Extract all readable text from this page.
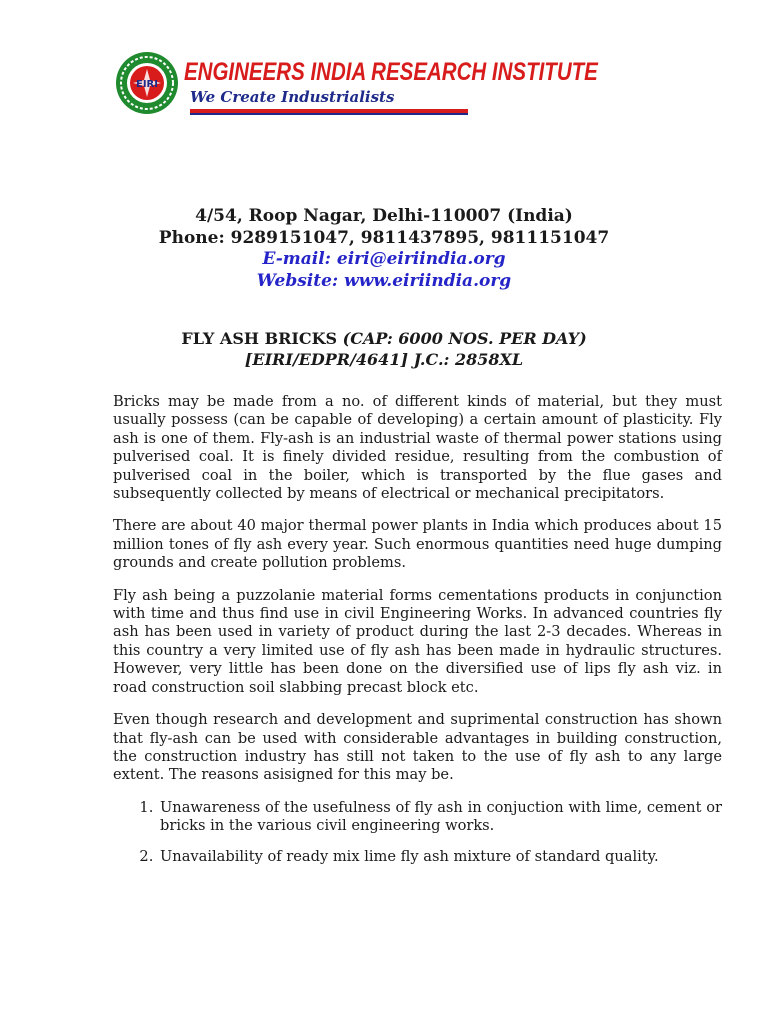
EIRI ENGINEERS INDIA RESEARCH INSTITUTE
We Create Industrialists
4/54, Roop Nagar, Delhi-110007 (India)
Phone: 9289151047, 9811437895, 9811151047
E-mail: eiri@eiriindia.org
Website: www.eiriindia.org
FLY ASH BRICKS (CAP: 6000 NOS. PER DAY)
[EIRI/EDPR/4641] J.C.: 2858XL

Bricks may be made from a no. of different kinds of material, but they must usually possess (can be capable of developing) a certain amount of plasticity. Fly ash is one of them. Fly-ash is an industrial waste of thermal power stations using pulverised coal. It is finely divided residue, resulting from the combustion of pulverised coal in the boiler, which is transported by the flue gases and subsequently collected by means of electrical or mechanical precipitators.

There are about 40 major thermal power plants in India which produces about 15 million tones of fly ash every year. Such enormous quantities need huge dumping grounds and create pollution problems.

Fly ash being a puzzolanie material forms cementations products in conjunction with time and thus find use in civil Engineering Works. In advanced countries fly ash has been used in variety of product during the last 2-3 decades. Whereas in this country a very limited use of fly ash has been made in hydraulic structures. However, very little has been done on the diversified use of lips fly ash viz. in road construction soil slabbing precast block etc.

Even though research and development and suprimental construction has shown that fly-ash can be used with considerable advantages in building construction, the construction industry has still not taken to the use of fly ash to any large extent. The reasons asisigned for this may be.

1. Unawareness of the usefulness of fly ash in conjuction with lime, cement or bricks in the various civil engineering works.
2. Unavailability of ready mix lime fly ash mixture of standard quality.
